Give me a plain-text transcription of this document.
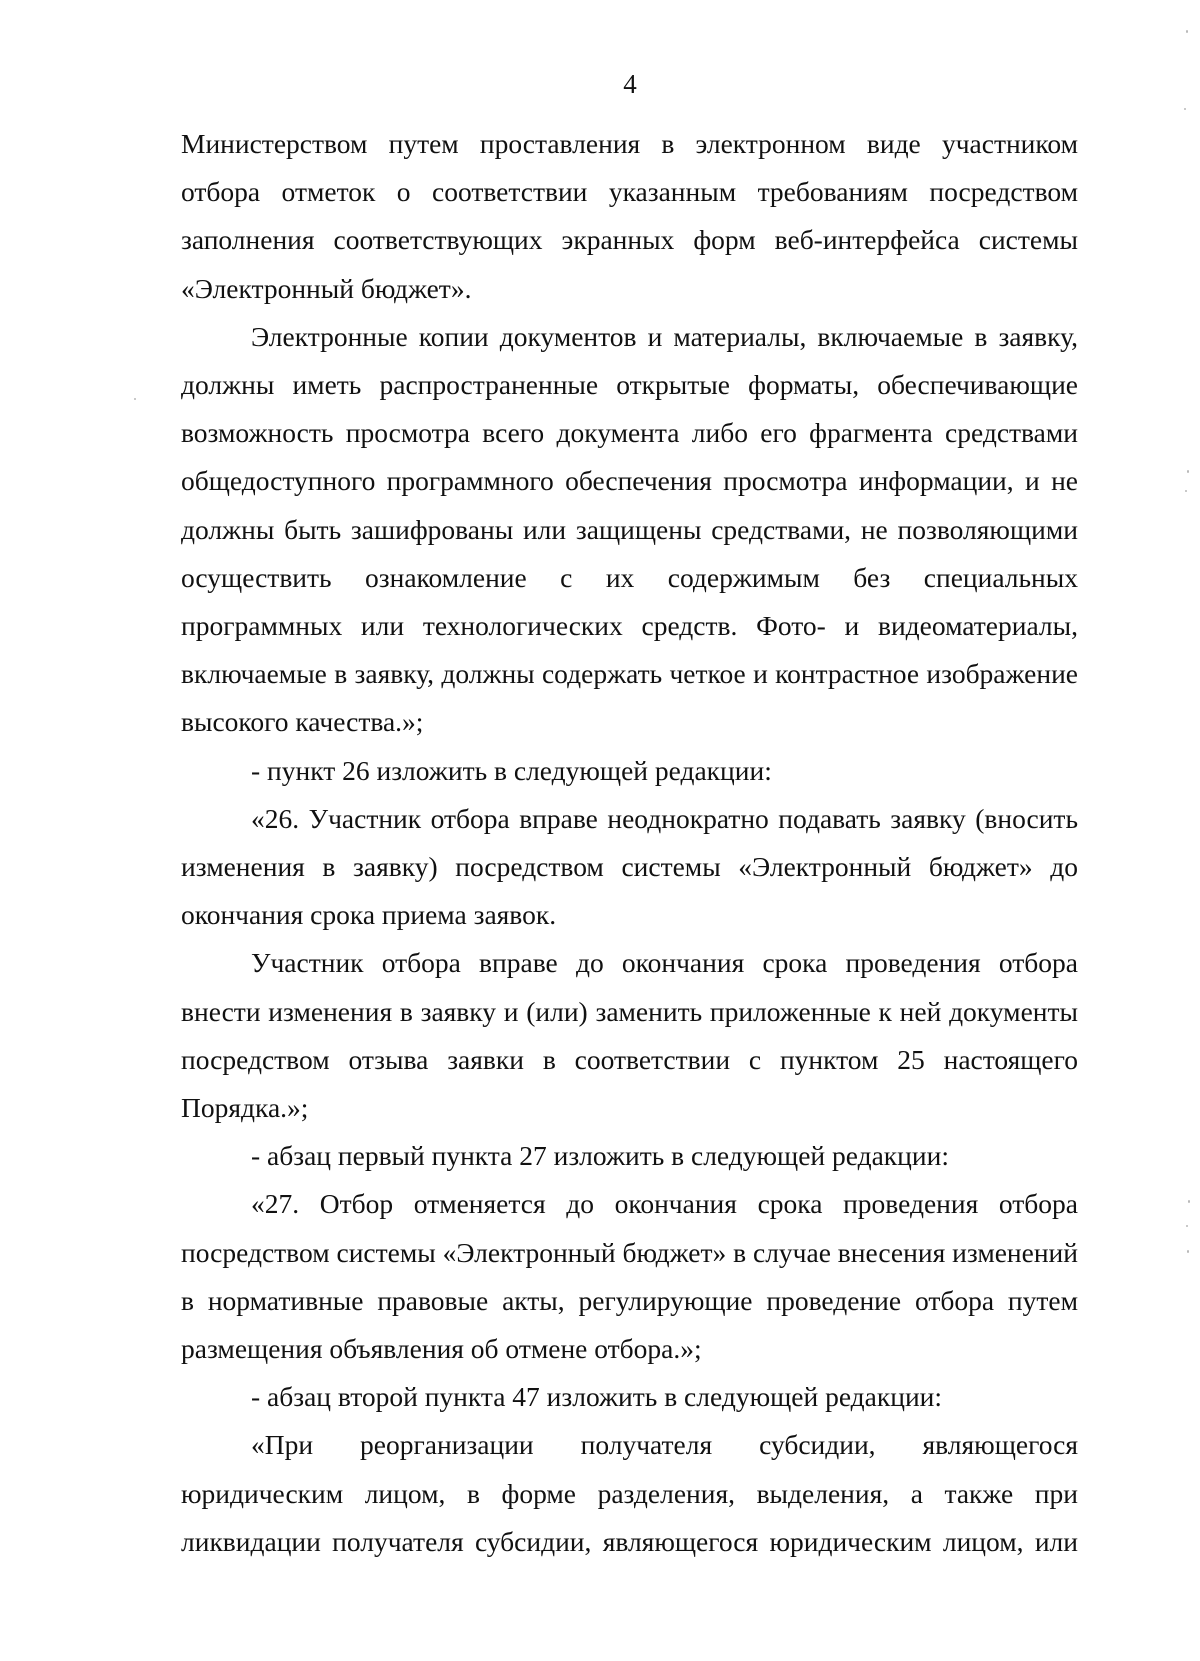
4

Министерством путем проставления в электронном виде участником отбора отметок о соответствии указанным требованиям посредством заполнения соответствующих экранных форм веб-интерфейса системы «Электронный бюджет».

Электронные копии документов и материалы, включаемые в заявку, должны иметь распространенные открытые форматы, обеспечивающие возможность просмотра всего документа либо его фрагмента средствами общедоступного программного обеспечения просмотра информации, и не должны быть зашифрованы или защищены средствами, не позволяющими осуществить ознакомление с их содержимым без специальных программных или технологических средств. Фото- и видеоматериалы, включаемые в заявку, должны содержать четкое и контрастное изображение высокого качества.»;

- пункт 26 изложить в следующей редакции:

«26. Участник отбора вправе неоднократно подавать заявку (вносить изменения в заявку) посредством системы «Электронный бюджет» до окончания срока приема заявок.

Участник отбора вправе до окончания срока проведения отбора внести изменения в заявку и (или) заменить приложенные к ней документы посредством отзыва заявки в соответствии с пунктом 25 настоящего Порядка.»;

- абзац первый пункта 27 изложить в следующей редакции:

«27. Отбор отменяется до окончания срока проведения отбора посредством системы «Электронный бюджет» в случае внесения изменений в нормативные правовые акты, регулирующие проведение отбора путем размещения объявления об отмене отбора.»;

- абзац второй пункта 47 изложить в следующей редакции:

«При реорганизации получателя субсидии, являющегося юридическим лицом, в форме разделения, выделения, а также при ликвидации получателя субсидии, являющегося юридическим лицом, или
